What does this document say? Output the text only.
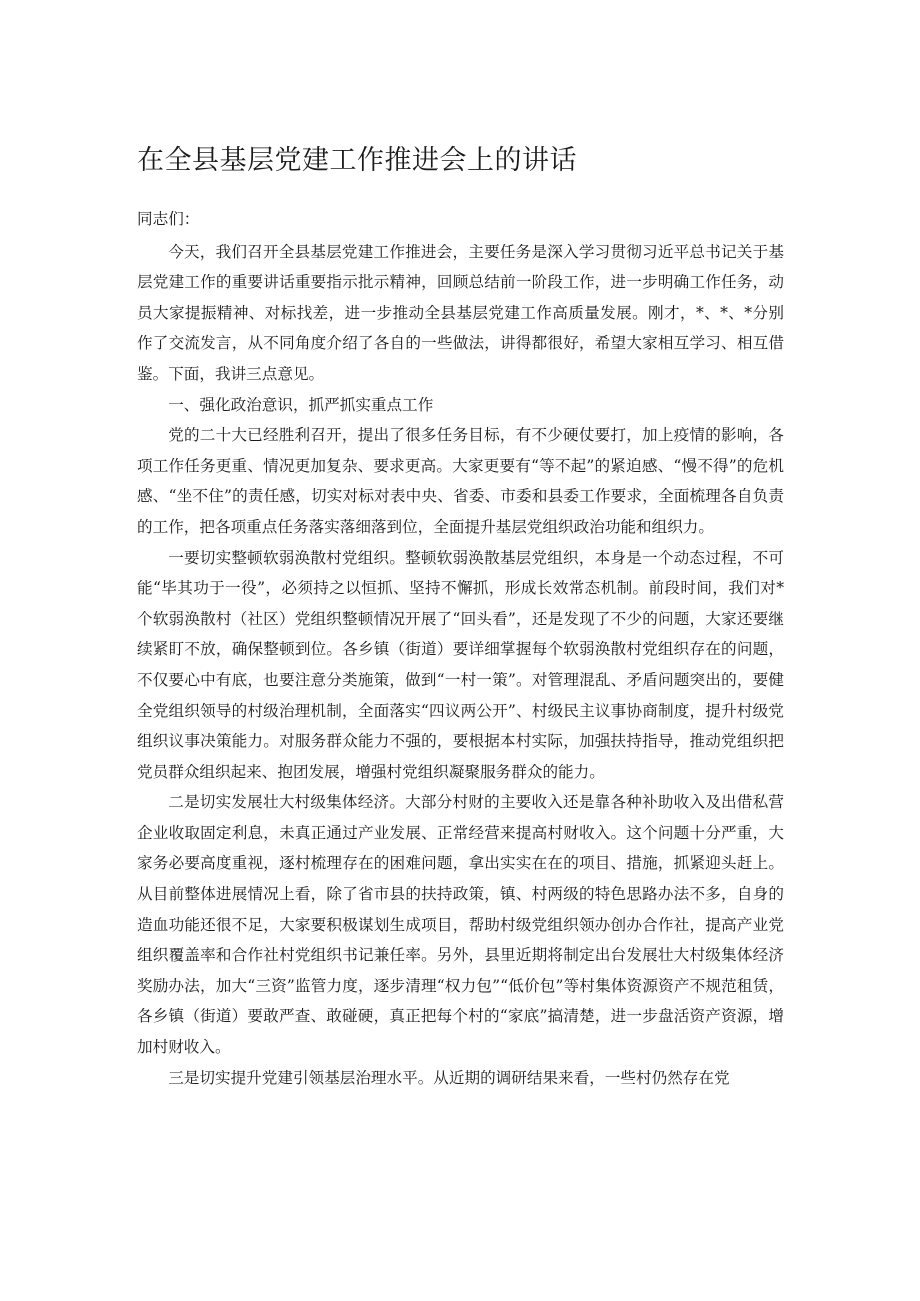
在全县基层党建工作推进会上的讲话

同志们：

今天，我们召开全县基层党建工作推进会，主要任务是深入学习贯彻习近平总书记关于基层党建工作的重要讲话重要指示批示精神，回顾总结前一阶段工作，进一步明确工作任务，动员大家提振精神、对标找差，进一步推动全县基层党建工作高质量发展。刚才，*、*、*分别作了交流发言，从不同角度介绍了各自的一些做法，讲得都很好，希望大家相互学习、相互借鉴。下面，我讲三点意见。

一、强化政治意识，抓严抓实重点工作

党的二十大已经胜利召开，提出了很多任务目标，有不少硬仗要打，加上疫情的影响，各项工作任务更重、情况更加复杂、要求更高。大家更要有“等不起”的紧迫感、“慢不得”的危机感、“坐不住”的责任感，切实对标对表中央、省委、市委和县委工作要求，全面梳理各自负责的工作，把各项重点任务落实落细落到位，全面提升基层党组织政治功能和组织力。

一要切实整顿软弱涣散村党组织。整顿软弱涣散基层党组织，本身是一个动态过程，不可能“毕其功于一役”，必须持之以恒抓、坚持不懈抓，形成长效常态机制。前段时间，我们对*个软弱涣散村（社区）党组织整顿情况开展了“回头看”，还是发现了不少的问题，大家还要继续紧盯不放，确保整顿到位。各乡镇（街道）要详细掌握每个软弱涣散村党组织存在的问题，不仅要心中有底，也要注意分类施策，做到“一村一策”。对管理混乱、矛盾问题突出的，要健全党组织领导的村级治理机制，全面落实“四议两公开”、村级民主议事协商制度，提升村级党组织议事决策能力。对服务群众能力不强的，要根据本村实际，加强扶持指导，推动党组织把党员群众组织起来、抱团发展，增强村党组织凝聚服务群众的能力。

二是切实发展壮大村级集体经济。大部分村财的主要收入还是靠各种补助收入及出借私营企业收取固定利息，未真正通过产业发展、正常经营来提高村财收入。这个问题十分严重，大家务必要高度重视，逐村梳理存在的困难问题，拿出实实在在的项目、措施，抓紧迎头赶上。从目前整体进展情况上看，除了省市县的扶持政策，镇、村两级的特色思路办法不多，自身的造血功能还很不足，大家要积极谋划生成项目，帮助村级党组织领办创办合作社，提高产业党组织覆盖率和合作社村党组织书记兼任率。另外，县里近期将制定出台发展壮大村级集体经济奖励办法，加大“三资”监管力度，逐步清理“权力包”“低价包”等村集体资源资产不规范租赁，各乡镇（街道）要敢严查、敢碰硬，真正把每个村的“家底”搞清楚，进一步盘活资产资源，增加村财收入。

三是切实提升党建引领基层治理水平。从近期的调研结果来看，一些村仍然存在党
